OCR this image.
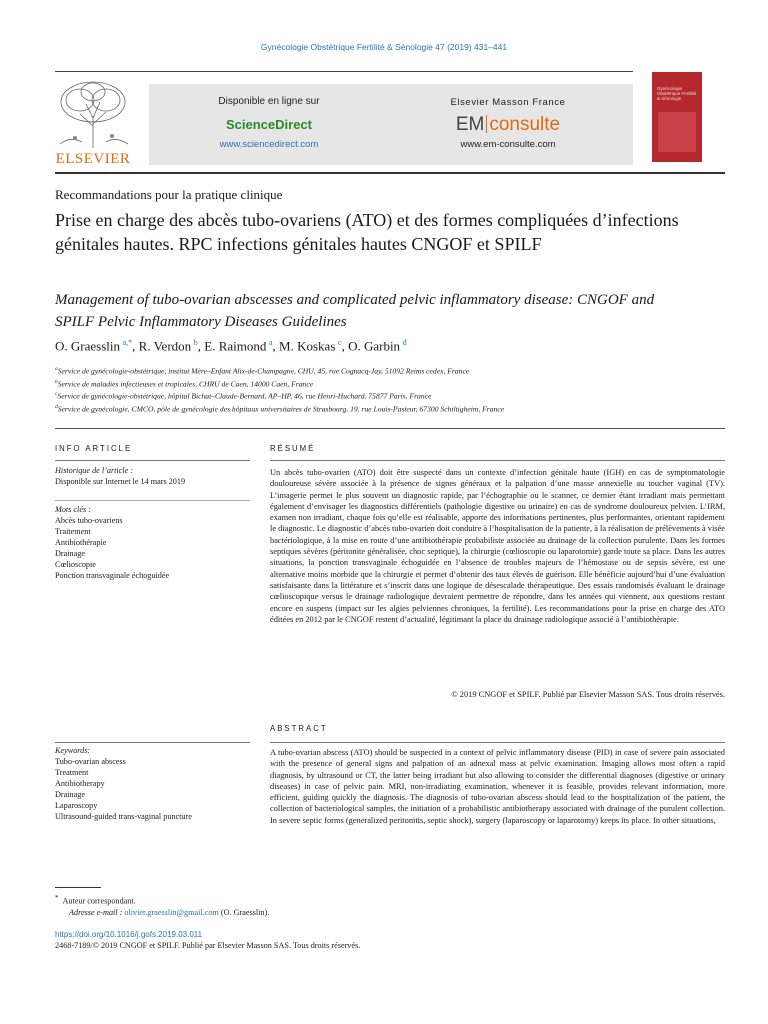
Gynécologie Obstétrique Fertilité & Sénologie 47 (2019) 431–441
ELSEVIER
Disponible en ligne sur
ScienceDirect
www.sciencedirect.com
Elsevier Masson France
EM consulte
www.em-consulte.com
Gynécologie Obstétrique Fertilité & Sénologie
Recommandations pour la pratique clinique
Prise en charge des abcès tubo-ovariens (ATO) et des formes compliquées d’infections génitales hautes. RPC infections génitales hautes CNGOF et SPILF
Management of tubo-ovarian abscesses and complicated pelvic inflammatory disease: CNGOF and SPILF Pelvic Inflammatory Diseases Guidelines
O. Graesslin  $^{a,*}$, R. Verdon  $^b$, E. Raimond  $^a$, M. Koskas  $^c$, O. Garbin  $^d$
$^a$Service de gynécologie-obstétrique, institut Mère–Enfant Alix-de-Champagne, CHU, 45, rue Cognacq-Jay, 51092 Reims cedex, France
$^b$Service de maladies infectieuses et tropicales, CHRU de Caen, 14000 Caen, France
$^c$Service de gynécologie-obstétrique, hôpital Bichat–Claude-Bernard, AP–HP, 46, rue Henri-Huchard, 75877 Paris, France
$^d$Service de gynécologie, CMCO, pôle de gynécologie des hôpitaux universitaires de Strasbourg, 19, rue Louis-Pasteur, 67300 Schiltigheim, France
INFO ARTICLE	RÉSUMÉ
Historique de l’article :
Disponible sur Internet le 14 mars 2019
Mots clés :
Abcès tubo-ovariens
Traitement
Antibiothérapie
Drainage
Cœlioscopie
Ponction transvaginale échoguidée
Un abcès tubo-ovarien (ATO) doit être suspecté dans un contexte d’infection génitale haute (IGH) en cas de symptomatologie douloureuse sévère associée à la présence de signes généraux et la palpation d’une masse annexielle au toucher vaginal (TV). L’imagerie permet le plus souvent un diagnostic rapide, par l’échographie ou le scanner, ce dernier étant irradiant mais permettant également d’envisager les diagnostics différentiels (pathologie digestive ou urinaire) en cas de syndrome douloureux pelvien. L’IRM, examen non irradiant, chaque fois qu’elle est réalisable, apporte des informations pertinentes, plus performantes, orientant rapidement le diagnostic. Le diagnostic d’abcès tubo-ovarien doit conduire à l’hospitalisation de la patiente, à la réalisation de prélèvements à visée bactériologique, à la mise en route d’une antibiothérapie probabiliste associée au drainage de la collection purulente. Dans les formes septiques sévères (péritonite généralisée, choc septique), la chirurgie (cœlioscopie ou laparotomie) garde toute sa place. Dans les autres situations, la ponction transvaginale échoguidée en l’absence de troubles majeurs de l’hémostase ou de sepsis sévère, est une alternative moins morbide que la chirurgie et permet d’obtenir des taux élevés de guérison. Elle bénéficie aujourd’hui d’une évaluation satisfaisante dans la littérature et s’inscrit dans une logique de désescalade thérapeutique. Des essais randomisés évaluant le drainage cœlioscopique versus le drainage radiologique devraient permettre de répondre, dans les années qui viennent, aux questions restant encore en suspens (impact sur les algies pelviennes chroniques, la fertilité). Les recommandations pour la prise en charge des ATO éditées en 2012 par le CNGOF restent d’actualité, légitimant la place du drainage radiologique associé à l’antibiothérapie.
© 2019 CNGOF et SPILF. Publié par Elsevier Masson SAS. Tous droits réservés.
ABSTRACT
Keywords:
Tubo-ovarian abscess
Treatment
Antibiotherapy
Drainage
Laparoscopy
Ultrasound-guided trans-vaginal puncture
A tubo-ovarian abscess (ATO) should be suspected in a context of pelvic inflammatory disease (PID) in case of severe pain associated with the presence of general signs and palpation of an adnexal mass at pelvic examination. Imaging allows most often a rapid diagnosis, by ultrasound or CT, the latter being irradiant but also allowing to consider the differential diagnoses (digestive or urinary diseases) in case of pelvic pain. MRI, non-irradiating examination, whenever it is feasible, provides relevant information, more efficient, guiding quickly the diagnosis. The diagnosis of tubo-ovarian abscess should lead to the hospitalization of the patient, the collection of bacteriological samples, the initiation of a probabilistic antibiotherapy associated with drainage of the purulent collection. In severe septic forms (generalized peritonitis, septic shock), surgery (laparoscopy or laparotomy) keeps its place. In other situations,
* Auteur correspondant.
Adresse e-mail : olivier.graesslin@gmail.com (O. Graesslin).
https://doi.org/10.1016/j.gofs.2019.03.011
2468-7189/© 2019 CNGOF et SPILF. Publié par Elsevier Masson SAS. Tous droits réservés.
